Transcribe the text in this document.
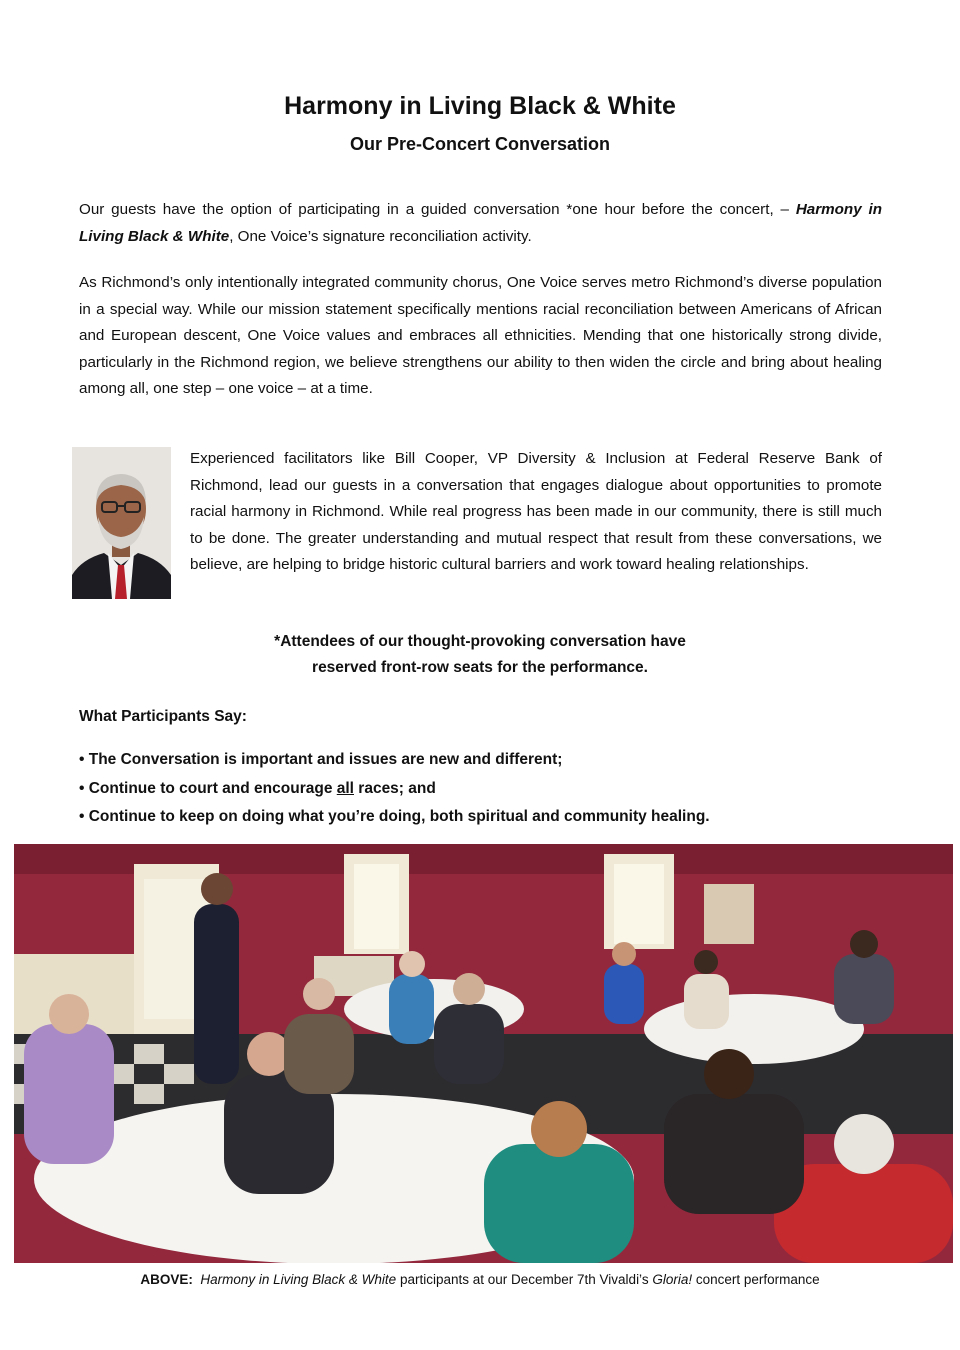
Harmony in Living Black & White
Our Pre-Concert Conversation
Our guests have the option of participating in a guided conversation *one hour before the concert, – Harmony in Living Black & White, One Voice’s signature reconciliation activity.
As Richmond’s only intentionally integrated community chorus, One Voice serves metro Richmond’s diverse population in a special way. While our mission statement specifically mentions racial reconciliation between Americans of African and European descent, One Voice values and embraces all ethnicities. Mending that one historically strong divide, particularly in the Richmond region, we believe strengthens our ability to then widen the circle and bring about healing among all, one step – one voice – at a time.
Experienced facilitators like Bill Cooper, VP Diversity & Inclusion at Federal Reserve Bank of Richmond, lead our guests in a conversation that engages dialogue about opportunities to promote racial harmony in Richmond. While real progress has been made in our community, there is still much to be done. The greater understanding and mutual respect that result from these conversations, we believe, are helping to bridge historic cultural barriers and work toward healing relationships.
*Attendees of our thought-provoking conversation have
reserved front-row seats for the performance.
What Participants Say:
• The Conversation is important and issues are new and different;
• Continue to court and encourage all races; and
• Continue to keep on doing what you’re doing, both spiritual and community healing.
ABOVE: Harmony in Living Black & White participants at our December 7th Vivaldi’s Gloria! concert performance
